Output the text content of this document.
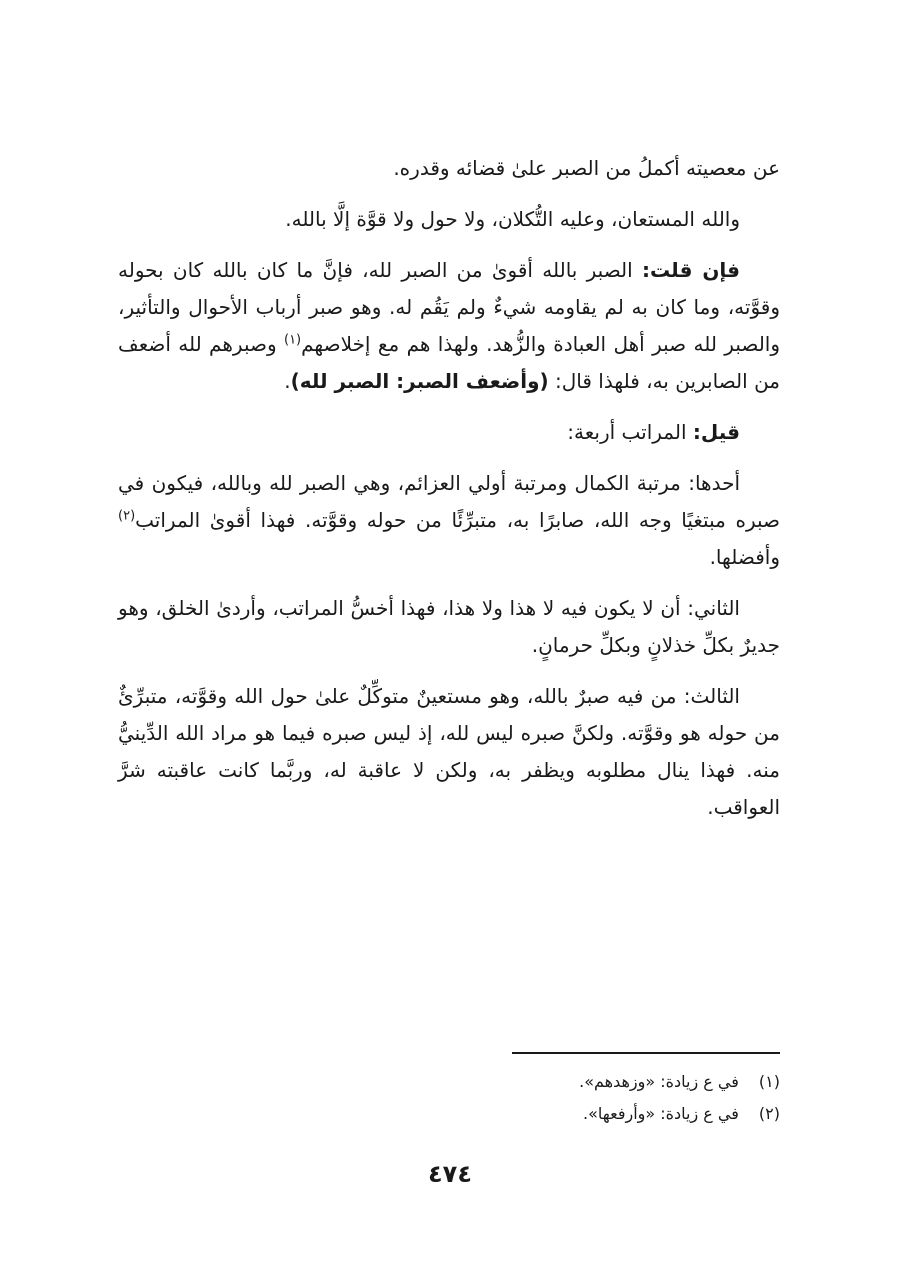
عن معصيته أكملُ من الصبر علىٰ قضائه وقدره.

والله المستعان، وعليه التُّكلان، ولا حول ولا قوَّة إلَّا بالله.

فإن قلت: الصبر بالله أقوىٰ من الصبر لله، فإنَّ ما كان بالله كان بحوله وقوَّته، وما كان به لم يقاومه شيءٌ ولم يَقُم له. وهو صبر أرباب الأحوال والتأثير، والصبر لله صبر أهل العبادة والزُّهد. ولهذا هم مع إخلاصهم$^{(١)}$ وصبرهم لله أضعف من الصابرين به، فلهذا قال: (وأضعف الصبر: الصبر لله).

قيل: المراتب أربعة:

أحدها: مرتبة الكمال ومرتبة أولي العزائم، وهي الصبر لله وبالله، فيكون في صبره مبتغيًا وجه الله، صابرًا به، متبرِّئًا من حوله وقوَّته. فهذا أقوىٰ المراتب$^{(٢)}$ وأفضلها.

الثاني: أن لا يكون فيه لا هذا ولا هذا، فهذا أخسُّ المراتب، وأردىٰ الخلق، وهو جديرٌ بكلِّ خذلانٍ وبكلِّ حرمانٍ.

الثالث: من فيه صبرٌ بالله، وهو مستعينٌ متوكِّلٌ علىٰ حول الله وقوَّته، متبرِّئٌ من حوله هو وقوَّته. ولكنَّ صبره ليس لله، إذ ليس صبره فيما هو مراد الله الدِّينيُّ منه. فهذا ينال مطلوبه ويظفر به، ولكن لا عاقبة له، وربَّما كانت عاقبته شرَّ العواقب.

(١) في ع زيادة: «وزهدهم».

(٢) في ع زيادة: «وأرفعها».

٤٧٤
